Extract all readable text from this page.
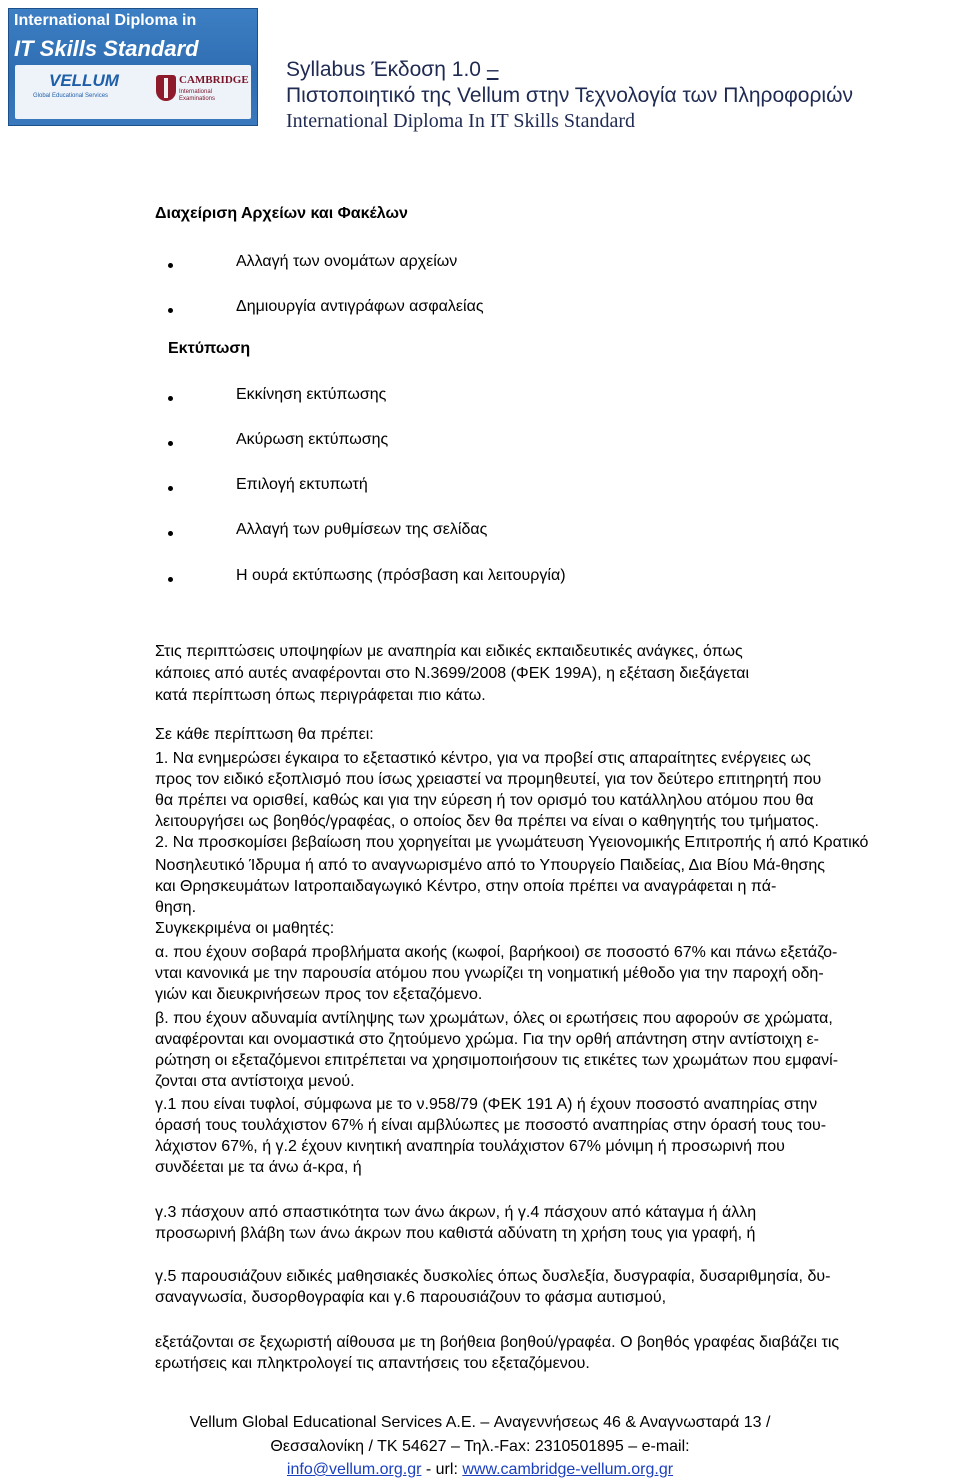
International Diploma in
IT Skills Standard
VELLUM
Global Educational Services
CAMBRIDGE
International Examinations
Syllabus Έκδοση 1.0 –
Πιστοποιητικό της Vellum στην Τεχνολογία των Πληροφοριών
International Diploma In IT Skills Standard
Διαχείριση Αρχείων και Φακέλων
Αλλαγή των ονομάτων αρχείων
Δημιουργία αντιγράφων ασφαλείας
Εκτύπωση
Εκκίνηση εκτύπωσης
Ακύρωση εκτύπωσης
Επιλογή εκτυπωτή
Αλλαγή των ρυθμίσεων της σελίδας
Η ουρά εκτύπωσης (πρόσβαση και λειτουργία)
Στις περιπτώσεις υποψηφίων με αναπηρία και ειδικές εκπαιδευτικές ανάγκες, όπως
κάποιες από αυτές αναφέρονται στο Ν.3699/2008 (ΦΕΚ 199Α), η εξέταση διεξάγεται
κατά περίπτωση όπως περιγράφεται πιο κάτω.
Σε κάθε περίπτωση θα πρέπει:
1. Να ενημερώσει έγκαιρα το εξεταστικό κέντρο, για να προβεί στις απαραίτητες ενέργειες ως
προς τον ειδικό εξοπλισμό που ίσως χρειαστεί να προμηθευτεί, για τον δεύτερο επιτηρητή που
θα πρέπει να ορισθεί, καθώς και για την εύρεση ή τον ορισμό του κατάλληλου ατόμου που θα
λειτουργήσει ως βοηθός/γραφέας, ο οποίος δεν θα πρέπει να είναι ο καθηγητής του τμήματος.
2. Να προσκομίσει βεβαίωση που χορηγείται με γνωμάτευση Υγειονομικής Επιτροπής ή από Κρατικό
Νοσηλευτικό Ίδρυμα ή από το αναγνωρισμένο από το Υπουργείο Παιδείας, Δια Βίου Μά-θησης
και Θρησκευμάτων Ιατροπαιδαγωγικό Κέντρο, στην οποία πρέπει να αναγράφεται η πά-
θηση.
Συγκεκριμένα οι μαθητές:
α. που έχουν σοβαρά προβλήματα ακοής (κωφοί, βαρήκοοι) σε ποσοστό 67% και πάνω εξετάζο-
νται κανονικά με την παρουσία ατόμου που γνωρίζει τη νοηματική μέθοδο για την παροχή οδη-
γιών και διευκρινήσεων προς τον εξεταζόμενο.
β. που έχουν αδυναμία αντίληψης των χρωμάτων, όλες οι ερωτήσεις που αφορούν σε χρώματα,
αναφέρονται και ονομαστικά στο ζητούμενο χρώμα. Για την ορθή απάντηση στην αντίστοιχη ε-
ρώτηση οι εξεταζόμενοι επιτρέπεται να χρησιμοποιήσουν τις ετικέτες των χρωμάτων που εμφανί-
ζονται στα αντίστοιχα μενού.
γ.1 που είναι τυφλοί, σύμφωνα με το ν.958/79 (ΦΕΚ 191 Α) ή έχουν ποσοστό αναπηρίας στην
όρασή τους τουλάχιστον 67% ή είναι αμβλύωπες με ποσοστό αναπηρίας στην όρασή τους του-
λάχιστον 67%, ή γ.2 έχουν κινητική αναπηρία τουλάχιστον 67% μόνιμη ή προσωρινή που
συνδέεται με τα άνω ά-κρα, ή
γ.3 πάσχουν από σπαστικότητα των άνω άκρων, ή γ.4 πάσχουν από κάταγμα ή άλλη
προσωρινή βλάβη των άνω άκρων που καθιστά αδύνατη τη χρήση τους για γραφή, ή
γ.5 παρουσιάζουν ειδικές μαθησιακές δυσκολίες όπως δυσλεξία, δυσγραφία, δυσαριθμησία, δυ-
σαναγνωσία, δυσορθογραφία και γ.6 παρουσιάζουν το φάσμα αυτισμού,
εξετάζονται σε ξεχωριστή αίθουσα με τη βοήθεια βοηθού/γραφέα. Ο βοηθός γραφέας διαβάζει τις
ερωτήσεις και πληκτρολογεί τις απαντήσεις του εξεταζόμενου.
Vellum Global Educational Services A.E. – Αναγεννήσεως 46 & Αναγνωσταρά 13 /
Θεσσαλονίκη / ΤΚ 54627 – Τηλ.-Fax: 2310501895 – e-mail:
info@vellum.org.gr - url: www.cambridge-vellum.org.gr
